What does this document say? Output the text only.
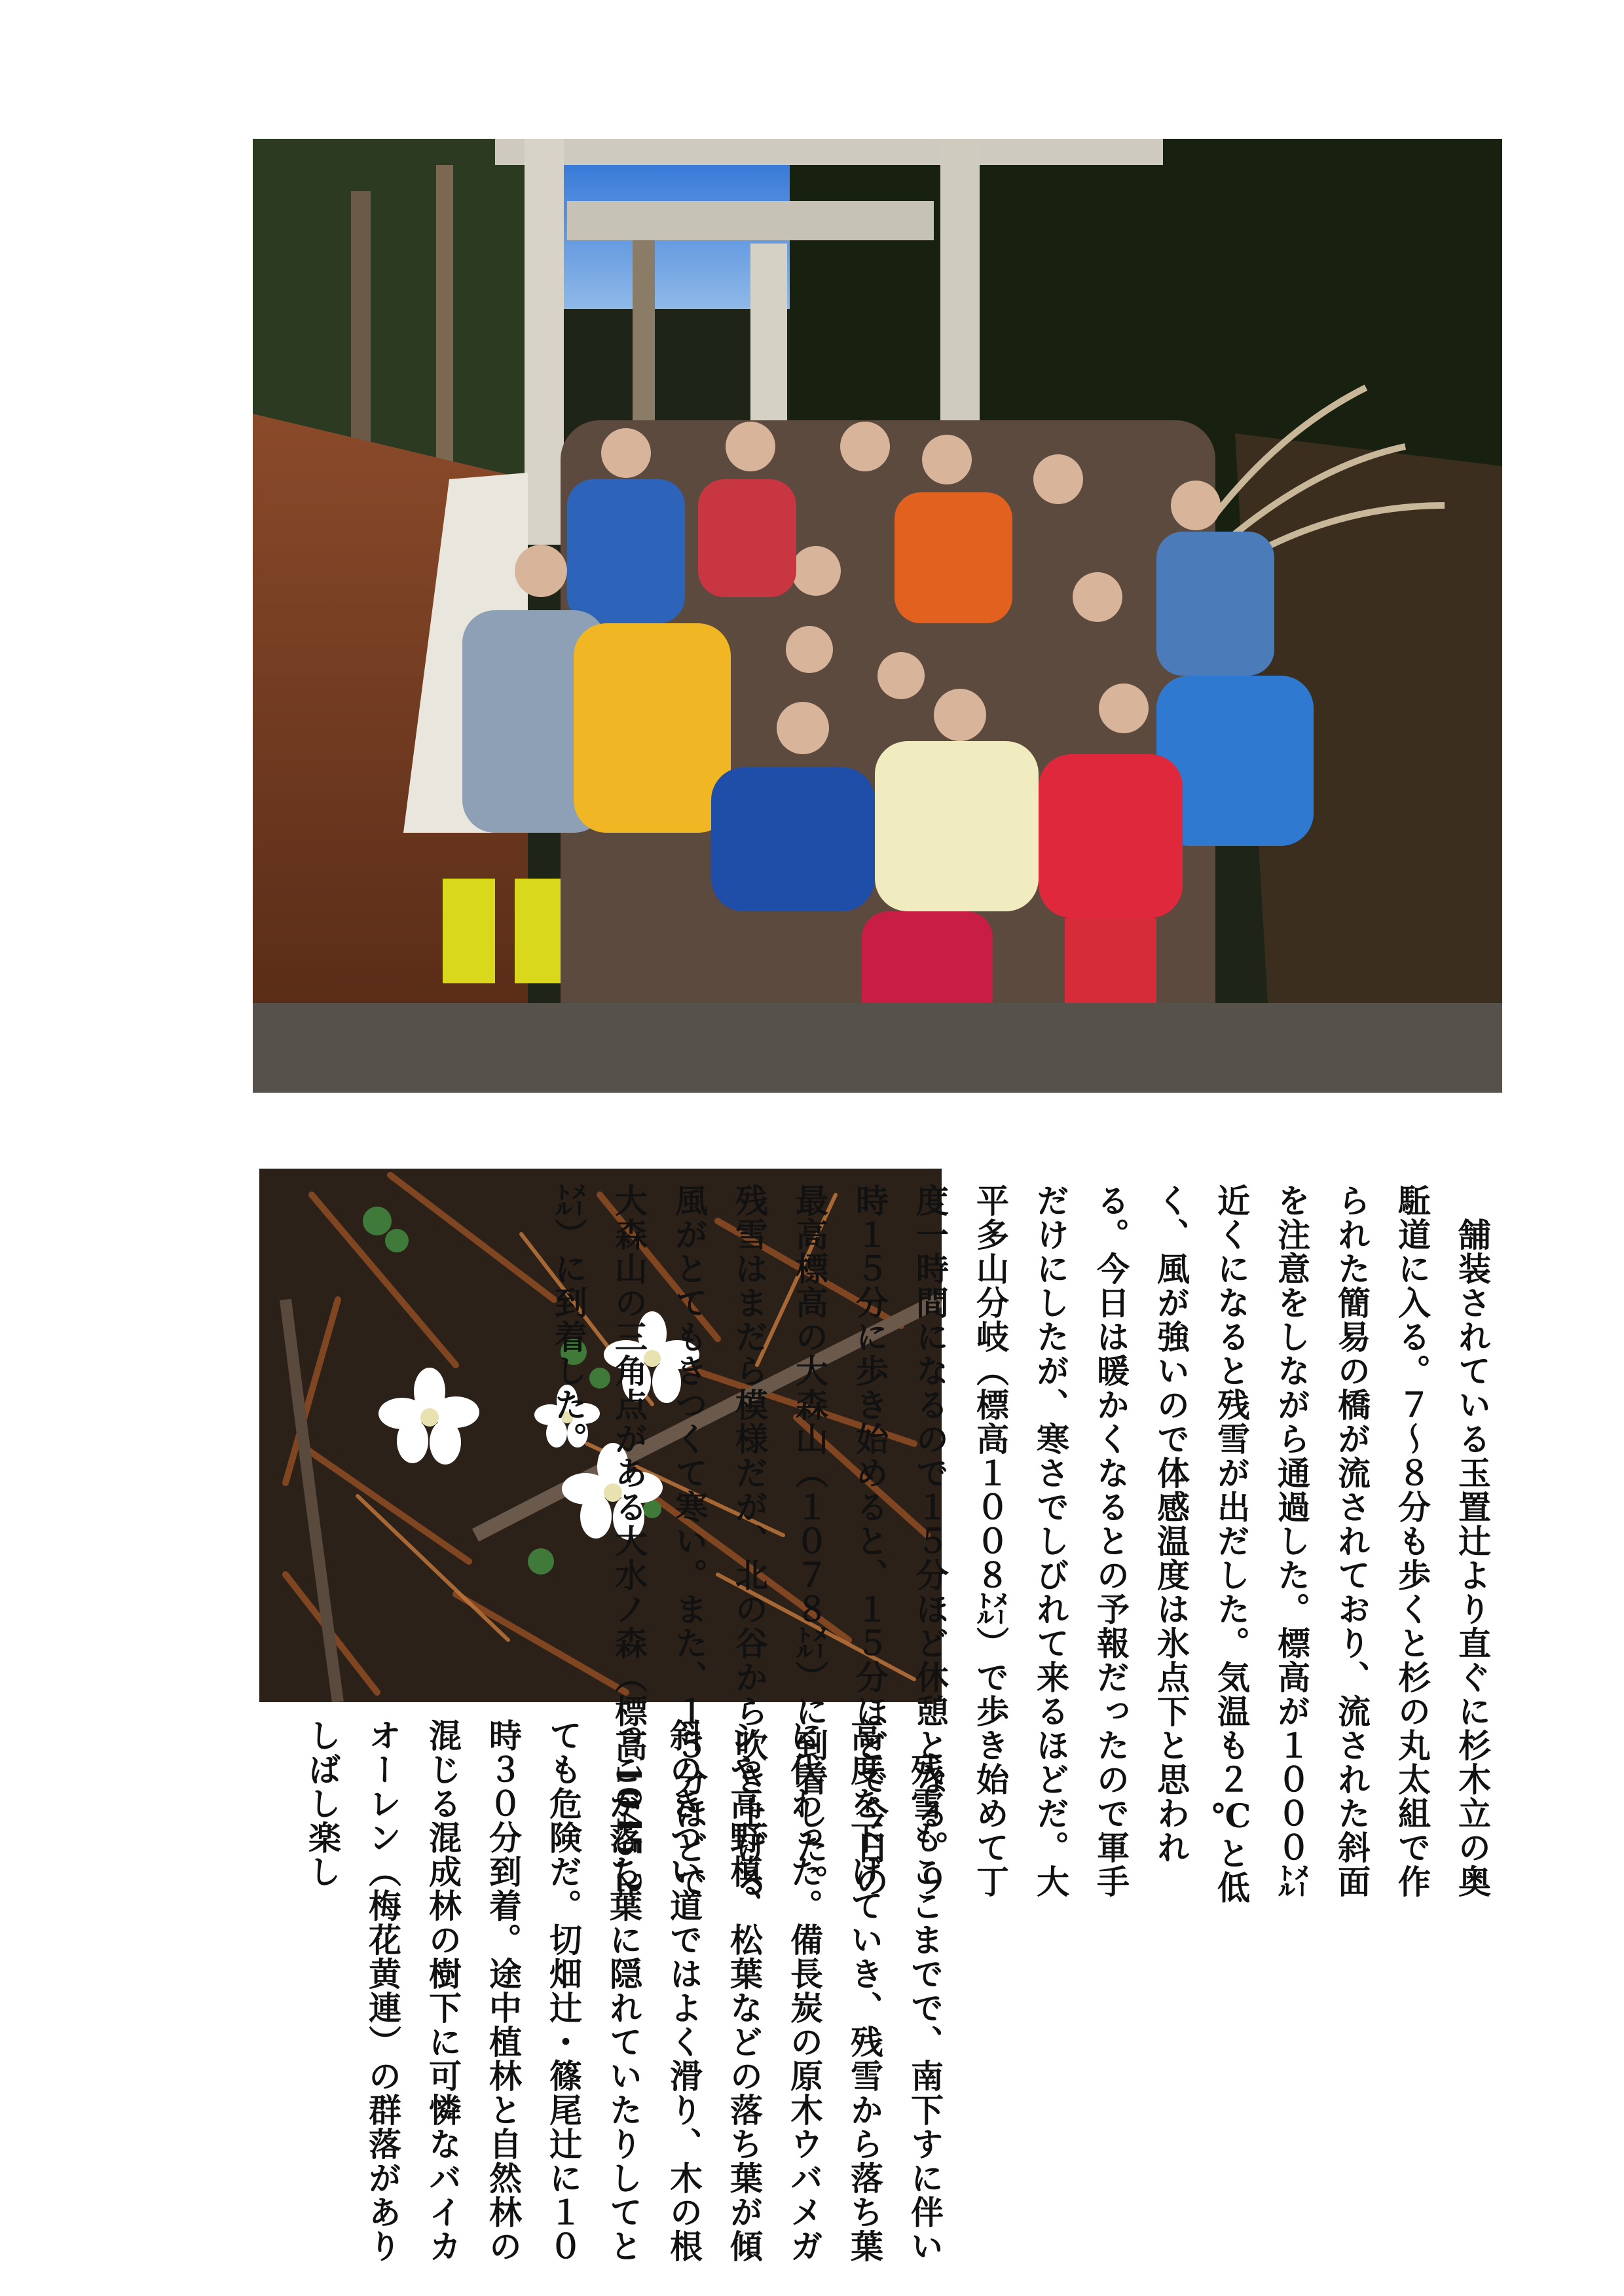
　舗装されている玉置辻より直ぐに杉木立の奥駈道に入る。７～８分も歩くと杉の丸太組で作られた簡易の橋が流されており、流された斜面を注意をしながら通過した。標高が１０００㍍近くになると残雪が出だした。気温も２℃と低く、風が強いので体感温度は氷点下と思われる。今日は暖かくなるとの予報だったので軍手だけにしたが、寒さでしびれて来るほどだ。大平多山分岐（標高１００８㍍）で歩き始めて丁度一時間になるので１５分ほど休憩となる。９時１５分に歩き始めると、１５分ほどで今日の最高標高の大森山（１０７８㍍）に到着した。残雪はまだら模様だが、北の谷から吹き上げる風がとてもきつくて寒い。また、１５分ほどで大森山の三角点がある大水ノ森（標高1045.2㍍）に到着した。
　残雪もここまでで、南下すに伴い高度を下げていき、残雪から落ち葉に代わった。備長炭の原木ウバメガシや高野槙、松葉などの落ち葉が傾斜のきつい道ではよく滑り、木の根っこが落ち葉に隠れていたりしてとても危険だ。切畑辻・篠尾辻に１０時３０分到着。途中植林と自然林の混じる混成林の樹下に可憐なバイカオーレン（梅花黄連）の群落がありしばし楽し
